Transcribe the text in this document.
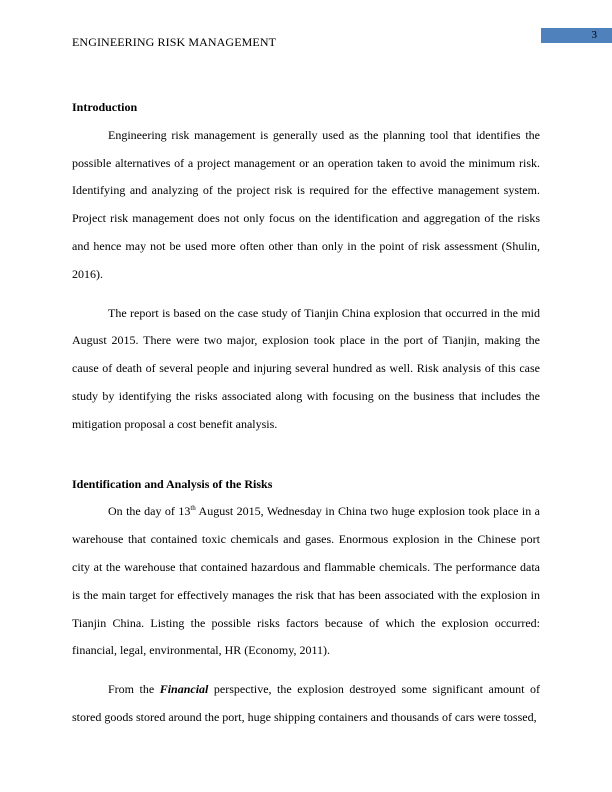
3
ENGINEERING RISK MANAGEMENT

Introduction

Engineering risk management is generally used as the planning tool that identifies the possible alternatives of a project management or an operation taken to avoid the minimum risk. Identifying and analyzing of the project risk is required for the effective management system. Project risk management does not only focus on the identification and aggregation of the risks and hence may not be used more often other than only in the point of risk assessment (Shulin, 2016).

The report is based on the case study of Tianjin China explosion that occurred in the mid August 2015. There were two major, explosion took place in the port of Tianjin, making the cause of death of several people and injuring several hundred as well. Risk analysis of this case study by identifying the risks associated along with focusing on the business that includes the mitigation proposal a cost benefit analysis.

Identification and Analysis of the Risks

On the day of 13th August 2015, Wednesday in China two huge explosion took place in a warehouse that contained toxic chemicals and gases. Enormous explosion in the Chinese port city at the warehouse that contained hazardous and flammable chemicals. The performance data is the main target for effectively manages the risk that has been associated with the explosion in Tianjin China. Listing the possible risks factors because of which the explosion occurred: financial, legal, environmental, HR (Economy, 2011).

From the Financial perspective, the explosion destroyed some significant amount of stored goods stored around the port, huge shipping containers and thousands of cars were tossed,
